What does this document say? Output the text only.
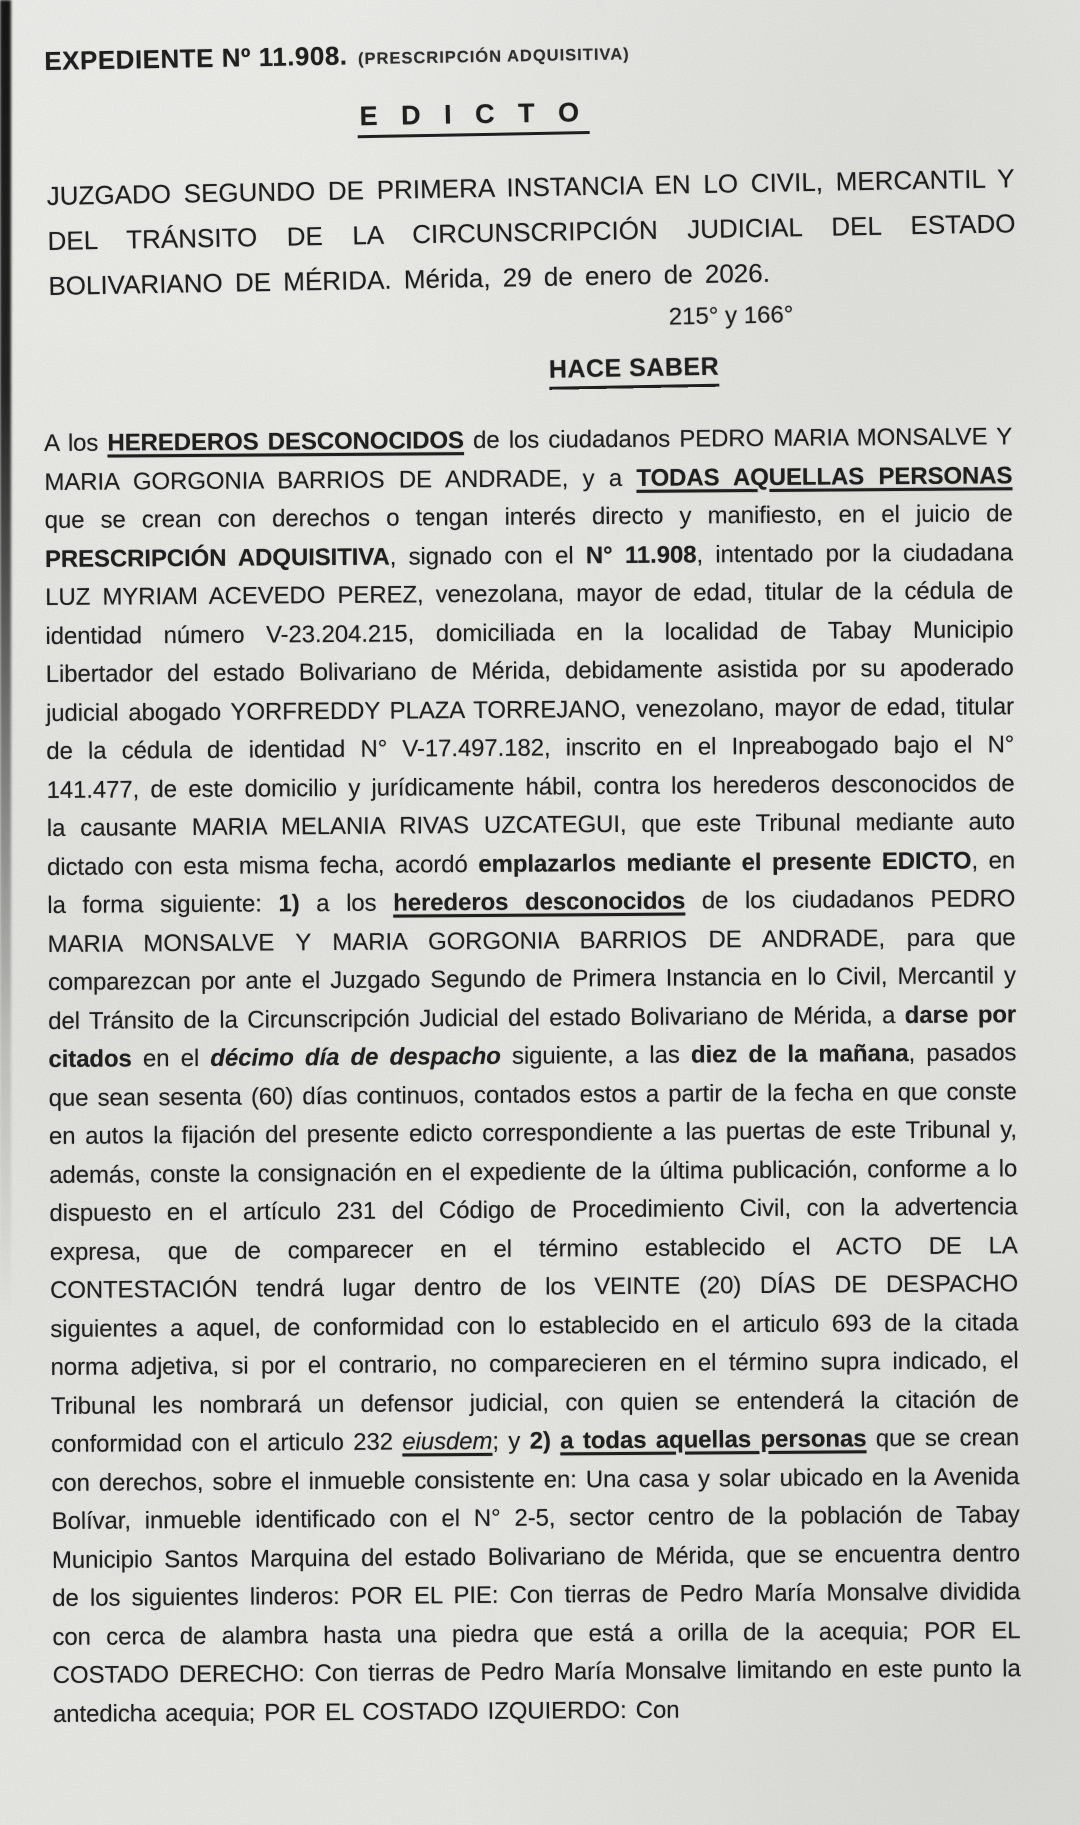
EXPEDIENTE Nº 11.908. (PRESCRIPCIÓN ADQUISITIVA)
E D I C T O

JUZGADO SEGUNDO DE PRIMERA INSTANCIA EN LO CIVIL, MERCANTIL Y DEL TRÁNSITO DE LA CIRCUNSCRIPCIÓN JUDICIAL DEL ESTADO BOLIVARIANO DE MÉRIDA. Mérida, 29 de enero de 2026.

215° y 166°
HACE SABER

A los HEREDEROS DESCONOCIDOS de los ciudadanos PEDRO MARIA MONSALVE Y MARIA GORGONIA BARRIOS DE ANDRADE, y a TODAS AQUELLAS PERSONAS que se crean con derechos o tengan interés directo y manifiesto, en el juicio de PRESCRIPCIÓN ADQUISITIVA, signado con el N° 11.908, intentado por la ciudadana LUZ MYRIAM ACEVEDO PEREZ, venezolana, mayor de edad, titular de la cédula de identidad número V-23.204.215, domiciliada en la localidad de Tabay Municipio Libertador del estado Bolivariano de Mérida, debidamente asistida por su apoderado judicial abogado YORFREDDY PLAZA TORREJANO, venezolano, mayor de edad, titular de la cédula de identidad N° V-17.497.182, inscrito en el Inpreabogado bajo el N° 141.477, de este domicilio y jurídicamente hábil, contra los herederos desconocidos de la causante MARIA MELANIA RIVAS UZCATEGUI, que este Tribunal mediante auto dictado con esta misma fecha, acordó emplazarlos mediante el presente EDICTO, en la forma siguiente: 1) a los herederos desconocidos de los ciudadanos PEDRO MARIA MONSALVE Y MARIA GORGONIA BARRIOS DE ANDRADE, para que comparezcan por ante el Juzgado Segundo de Primera Instancia en lo Civil, Mercantil y del Tránsito de la Circunscripción Judicial del estado Bolivariano de Mérida, a darse por citados en el décimo día de despacho siguiente, a las diez de la mañana, pasados que sean sesenta (60) días continuos, contados estos a partir de la fecha en que conste en autos la fijación del presente edicto correspondiente a las puertas de este Tribunal y, además, conste la consignación en el expediente de la última publicación, conforme a lo dispuesto en el artículo 231 del Código de Procedimiento Civil, con la advertencia expresa, que de comparecer en el término establecido el ACTO DE LA CONTESTACIÓN tendrá lugar dentro de los VEINTE (20) DÍAS DE DESPACHO siguientes a aquel, de conformidad con lo establecido en el articulo 693 de la citada norma adjetiva, si por el contrario, no comparecieren en el término supra indicado, el Tribunal les nombrará un defensor judicial, con quien se entenderá la citación de conformidad con el articulo 232 eiusdem; y 2) a todas aquellas personas que se crean con derechos, sobre el inmueble consistente en: Una casa y solar ubicado en la Avenida Bolívar, inmueble identificado con el N° 2-5, sector centro de la población de Tabay Municipio Santos Marquina del estado Bolivariano de Mérida, que se encuentra dentro de los siguientes linderos: POR EL PIE: Con tierras de Pedro María Monsalve dividida con cerca de alambra hasta una piedra que está a orilla de la acequia; POR EL COSTADO DERECHO: Con tierras de Pedro María Monsalve limitando en este punto la antedicha acequia; POR EL COSTADO IZQUIERDO: Con
